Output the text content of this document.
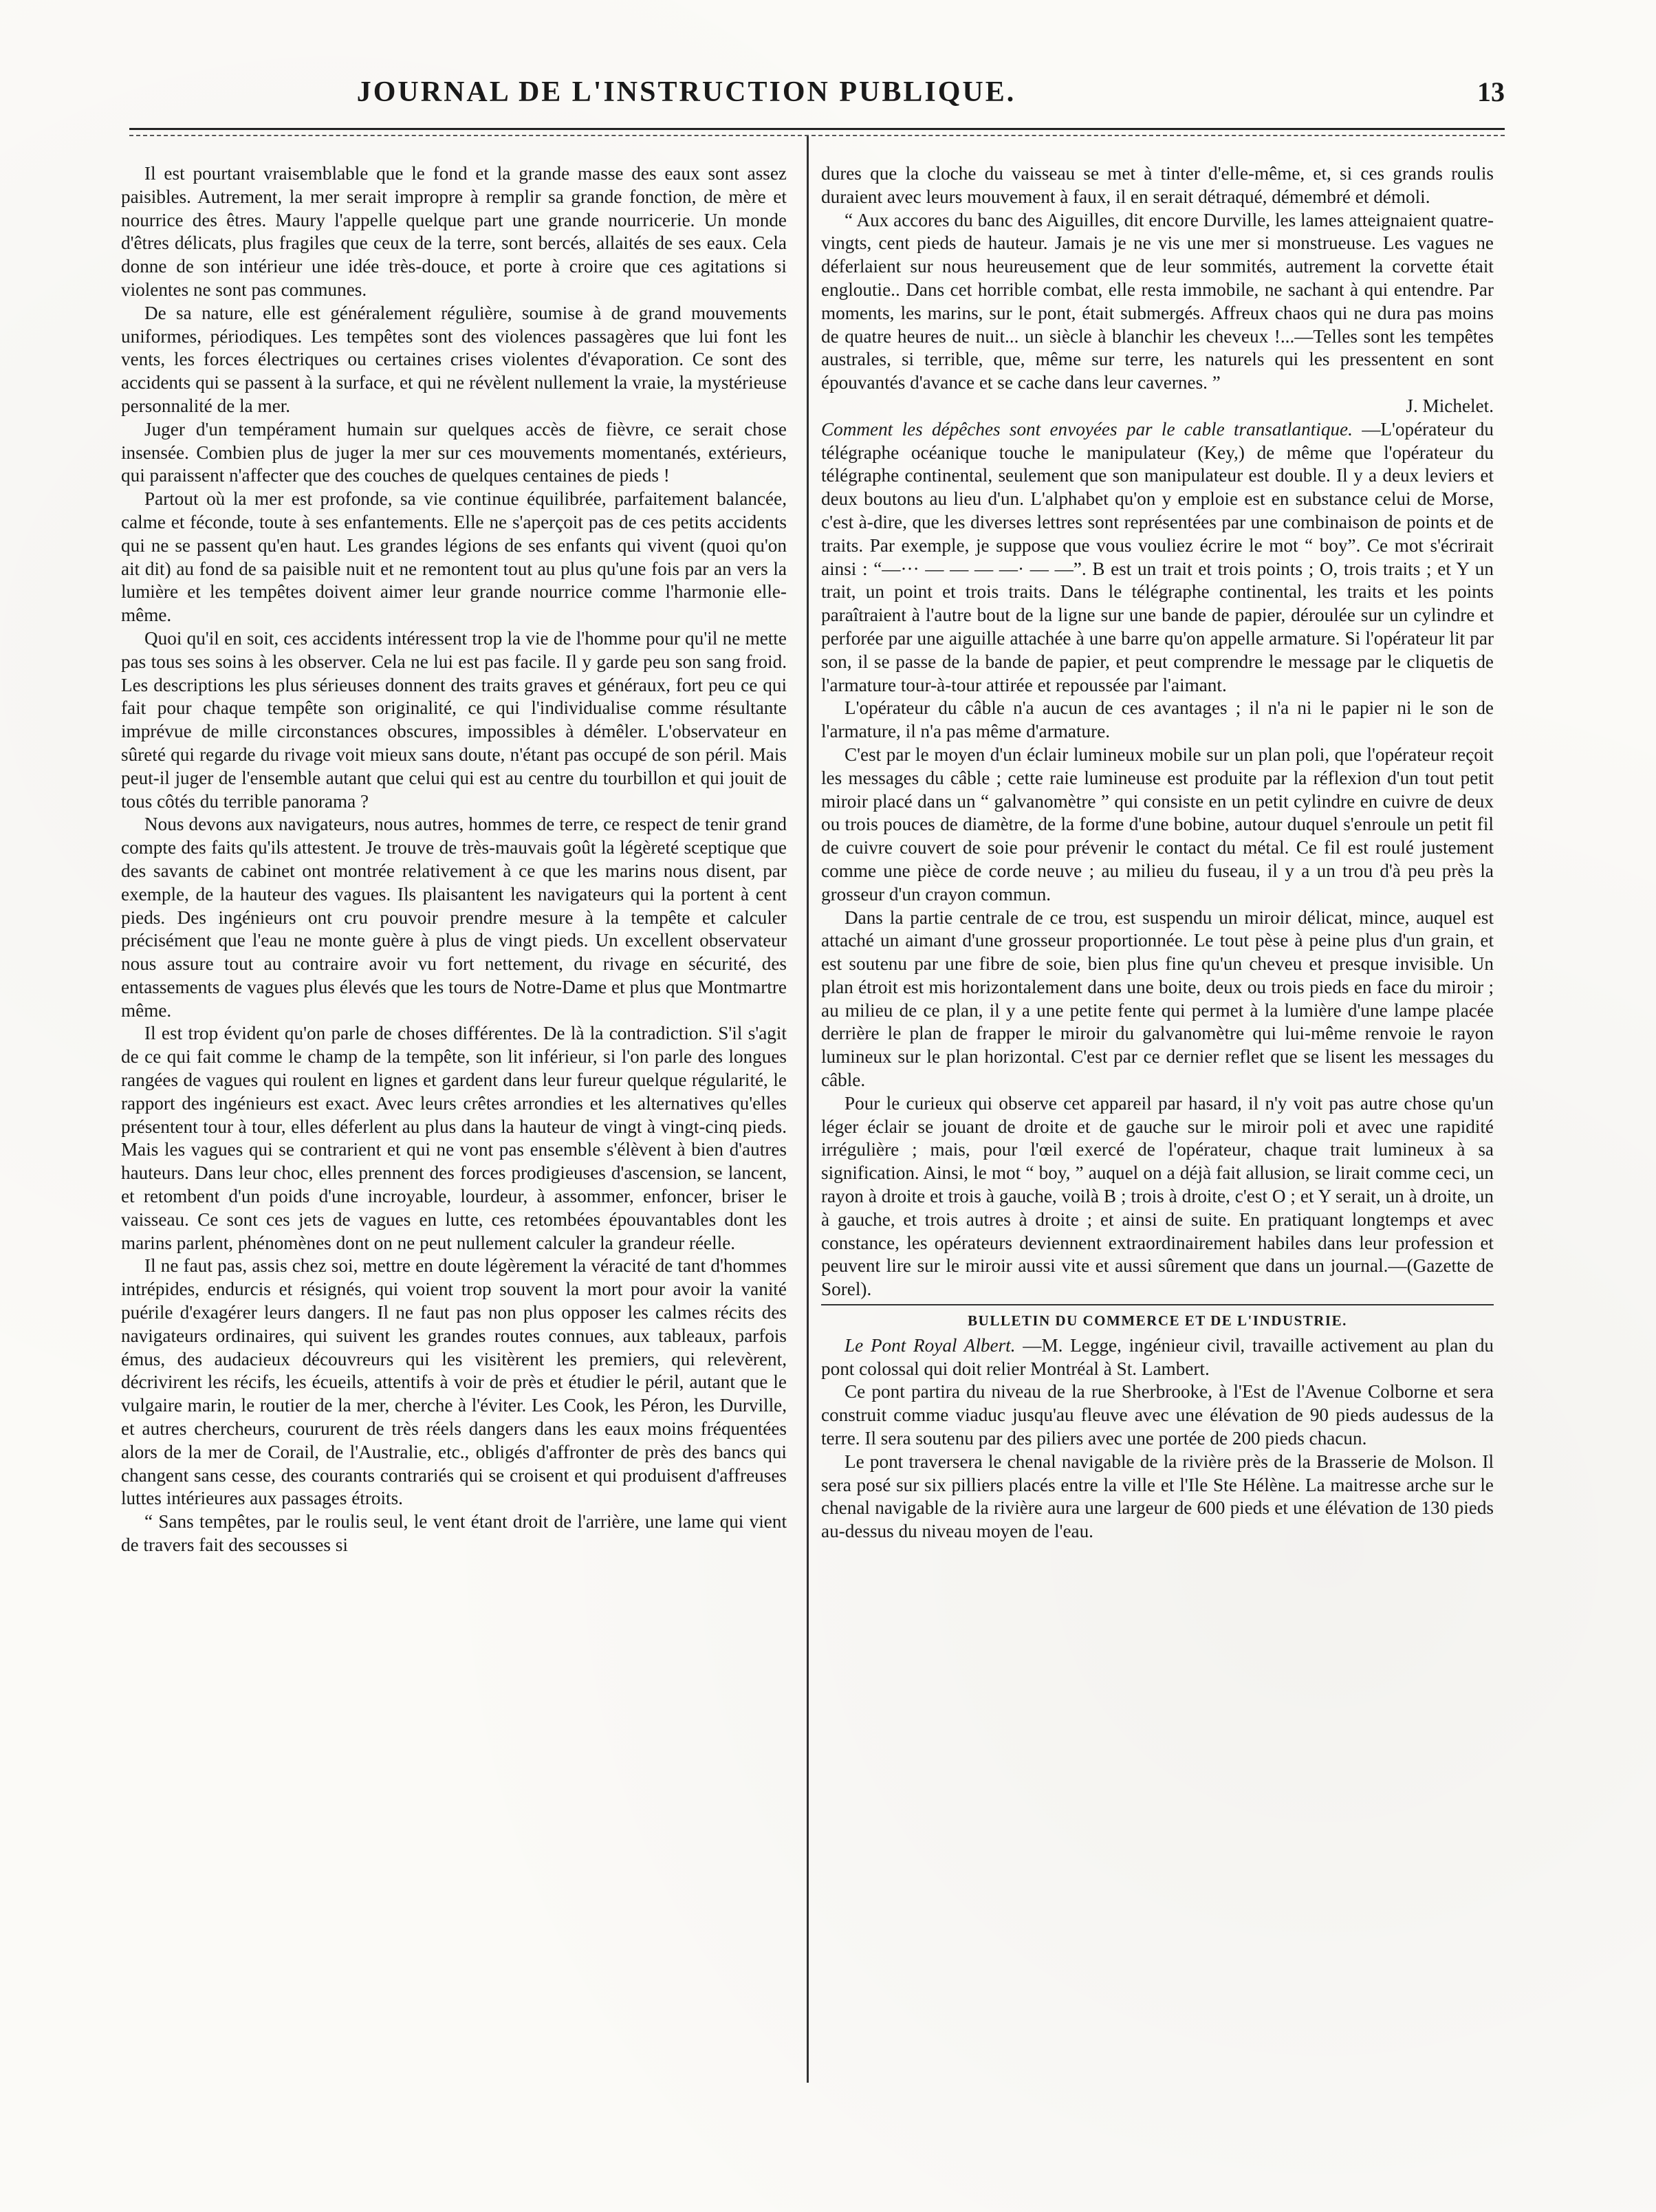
JOURNAL DE L'INSTRUCTION PUBLIQUE.	13

Il est pourtant vraisemblable que le fond et la grande masse des eaux sont assez paisibles. Autrement, la mer serait impropre à remplir sa grande fonction, de mère et nourrice des êtres. Maury l'appelle quelque part une grande nourricerie. Un monde d'êtres délicats, plus fragiles que ceux de la terre, sont bercés, allaités de ses eaux. Cela donne de son intérieur une idée très-douce, et porte à croire que ces agitations si violentes ne sont pas communes.

De sa nature, elle est généralement régulière, soumise à de grand mouvements uniformes, périodiques. Les tempêtes sont des violences passagères que lui font les vents, les forces électriques ou certaines crises violentes d'évaporation. Ce sont des accidents qui se passent à la surface, et qui ne révèlent nullement la vraie, la mystérieuse personnalité de la mer.

Juger d'un tempérament humain sur quelques accès de fièvre, ce serait chose insensée. Combien plus de juger la mer sur ces mouvements momentanés, extérieurs, qui paraissent n'affecter que des couches de quelques centaines de pieds !

Partout où la mer est profonde, sa vie continue équilibrée, parfaitement balancée, calme et féconde, toute à ses enfantements. Elle ne s'aperçoit pas de ces petits accidents qui ne se passent qu'en haut. Les grandes légions de ses enfants qui vivent (quoi qu'on ait dit) au fond de sa paisible nuit et ne remontent tout au plus qu'une fois par an vers la lumière et les tempêtes doivent aimer leur grande nourrice comme l'harmonie elle-même.

Quoi qu'il en soit, ces accidents intéressent trop la vie de l'homme pour qu'il ne mette pas tous ses soins à les observer. Cela ne lui est pas facile. Il y garde peu son sang froid. Les descriptions les plus sérieuses donnent des traits graves et généraux, fort peu ce qui fait pour chaque tempête son originalité, ce qui l'individualise comme résultante imprévue de mille circonstances obscures, impossibles à démêler. L'observateur en sûreté qui regarde du rivage voit mieux sans doute, n'étant pas occupé de son péril. Mais peut-il juger de l'ensemble autant que celui qui est au centre du tourbillon et qui jouit de tous côtés du terrible panorama ?

Nous devons aux navigateurs, nous autres, hommes de terre, ce respect de tenir grand compte des faits qu'ils attestent. Je trouve de très-mauvais goût la légèreté sceptique que des savants de cabinet ont montrée relativement à ce que les marins nous disent, par exemple, de la hauteur des vagues. Ils plaisantent les navigateurs qui la portent à cent pieds. Des ingénieurs ont cru pouvoir prendre mesure à la tempête et calculer précisément que l'eau ne monte guère à plus de vingt pieds. Un excellent observateur nous assure tout au contraire avoir vu fort nettement, du rivage en sécurité, des entassements de vagues plus élevés que les tours de Notre-Dame et plus que Montmartre même.

Il est trop évident qu'on parle de choses différentes. De là la contradiction. S'il s'agit de ce qui fait comme le champ de la tempête, son lit inférieur, si l'on parle des longues rangées de vagues qui roulent en lignes et gardent dans leur fureur quelque régularité, le rapport des ingénieurs est exact. Avec leurs crêtes arrondies et les alternatives qu'elles présentent tour à tour, elles déferlent au plus dans la hauteur de vingt à vingt-cinq pieds. Mais les vagues qui se contrarient et qui ne vont pas ensemble s'élèvent à bien d'autres hauteurs. Dans leur choc, elles prennent des forces prodigieuses d'ascension, se lancent, et retombent d'un poids d'une incroyable, lourdeur, à assommer, enfoncer, briser le vaisseau. Ce sont ces jets de vagues en lutte, ces retombées épouvantables dont les marins parlent, phénomènes dont on ne peut nullement calculer la grandeur réelle.

Il ne faut pas, assis chez soi, mettre en doute légèrement la véracité de tant d'hommes intrépides, endurcis et résignés, qui voient trop souvent la mort pour avoir la vanité puérile d'exagérer leurs dangers. Il ne faut pas non plus opposer les calmes récits des navigateurs ordinaires, qui suivent les grandes routes connues, aux tableaux, parfois émus, des audacieux découvreurs qui les visitèrent les premiers, qui relevèrent, décrivirent les récifs, les écueils, attentifs à voir de près et étudier le péril, autant que le vulgaire marin, le routier de la mer, cherche à l'éviter. Les Cook, les Péron, les Durville, et autres chercheurs, coururent de très réels dangers dans les eaux moins fréquentées alors de la mer de Corail, de l'Australie, etc., obligés d'affronter de près des bancs qui changent sans cesse, des courants contrariés qui se croisent et qui produisent d'affreuses luttes intérieures aux passages étroits.

“ Sans tempêtes, par le roulis seul, le vent étant droit de l'arrière, une lame qui vient de travers fait des secousses si

dures que la cloche du vaisseau se met à tinter d'elle-même, et, si ces grands roulis duraient avec leurs mouvement à faux, il en serait détraqué, démembré et démoli.

“ Aux accores du banc des Aiguilles, dit encore Durville, les lames atteignaient quatre-vingts, cent pieds de hauteur. Jamais je ne vis une mer si monstrueuse. Les vagues ne déferlaient sur nous heureusement que de leur sommités, autrement la corvette était engloutie.. Dans cet horrible combat, elle resta immobile, ne sachant à qui entendre. Par moments, les marins, sur le pont, était submergés. Affreux chaos qui ne dura pas moins de quatre heures de nuit... un siècle à blanchir les cheveux !...—Telles sont les tempêtes australes, si terrible, que, même sur terre, les naturels qui les pressentent en sont épouvantés d'avance et se cache dans leur cavernes. ”

J. Michelet.

Comment les dépêches sont envoyées par le cable transatlantique. —L'opérateur du télégraphe océanique touche le manipulateur (Key,) de même que l'opérateur du télégraphe continental, seulement que son manipulateur est double. Il y a deux leviers et deux boutons au lieu d'un. L'alphabet qu'on y emploie est en substance celui de Morse, c'est à-dire, que les diverses lettres sont représentées par une combinaison de points et de traits. Par exemple, je suppose que vous vouliez écrire le mot “ boy”. Ce mot s'écrirait ainsi : “—··· — — — —· — —”. B est un trait et trois points ; O, trois traits ; et Y un trait, un point et trois traits. Dans le télégraphe continental, les traits et les points paraîtraient à l'autre bout de la ligne sur une bande de papier, déroulée sur un cylindre et perforée par une aiguille attachée à une barre qu'on appelle armature. Si l'opérateur lit par son, il se passe de la bande de papier, et peut comprendre le message par le cliquetis de l'armature tour-à-tour attirée et repoussée par l'aimant.

L'opérateur du câble n'a aucun de ces avantages ; il n'a ni le papier ni le son de l'armature, il n'a pas même d'armature.

C'est par le moyen d'un éclair lumineux mobile sur un plan poli, que l'opérateur reçoit les messages du câble ; cette raie lumineuse est produite par la réflexion d'un tout petit miroir placé dans un “ galvanomètre ” qui consiste en un petit cylindre en cuivre de deux ou trois pouces de diamètre, de la forme d'une bobine, autour duquel s'enroule un petit fil de cuivre couvert de soie pour prévenir le contact du métal. Ce fil est roulé justement comme une pièce de corde neuve ; au milieu du fuseau, il y a un trou d'à peu près la grosseur d'un crayon commun.

Dans la partie centrale de ce trou, est suspendu un miroir délicat, mince, auquel est attaché un aimant d'une grosseur proportionnée. Le tout pèse à peine plus d'un grain, et est soutenu par une fibre de soie, bien plus fine qu'un cheveu et presque invisible. Un plan étroit est mis horizontalement dans une boite, deux ou trois pieds en face du miroir ; au milieu de ce plan, il y a une petite fente qui permet à la lumière d'une lampe placée derrière le plan de frapper le miroir du galvanomètre qui lui-même renvoie le rayon lumineux sur le plan horizontal. C'est par ce dernier reflet que se lisent les messages du câble.

Pour le curieux qui observe cet appareil par hasard, il n'y voit pas autre chose qu'un léger éclair se jouant de droite et de gauche sur le miroir poli et avec une rapidité irrégulière ; mais, pour l'œil exercé de l'opérateur, chaque trait lumineux à sa signification. Ainsi, le mot “ boy, ” auquel on a déjà fait allusion, se lirait comme ceci, un rayon à droite et trois à gauche, voilà B ; trois à droite, c'est O ; et Y serait, un à droite, un à gauche, et trois autres à droite ; et ainsi de suite. En pratiquant longtemps et avec constance, les opérateurs deviennent extraordinairement habiles dans leur profession et peuvent lire sur le miroir aussi vite et aussi sûrement que dans un journal.—(Gazette de Sorel).

BULLETIN DU COMMERCE ET DE L'INDUSTRIE.

Le Pont Royal Albert. —M. Legge, ingénieur civil, travaille activement au plan du pont colossal qui doit relier Montréal à St. Lambert.

Ce pont partira du niveau de la rue Sherbrooke, à l'Est de l'Avenue Colborne et sera construit comme viaduc jusqu'au fleuve avec une élévation de 90 pieds audessus de la terre. Il sera soutenu par des piliers avec une portée de 200 pieds chacun.

Le pont traversera le chenal navigable de la rivière près de la Brasserie de Molson. Il sera posé sur six pilliers placés entre la ville et l'Ile Ste Hélène. La maitresse arche sur le chenal navigable de la rivière aura une largeur de 600 pieds et une élévation de 130 pieds au-dessus du niveau moyen de l'eau.
